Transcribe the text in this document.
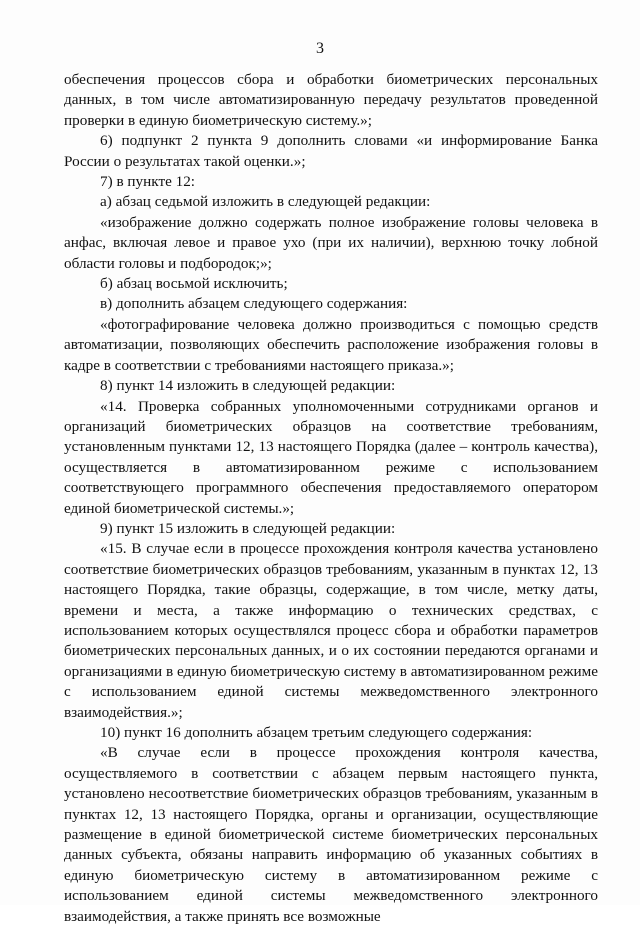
3

обеспечения процессов сбора и обработки биометрических персональных данных, в том числе автоматизированную передачу результатов проведенной проверки в единую биометрическую систему.»;

6) подпункт 2 пункта 9 дополнить словами «и информирование Банка России о результатах такой оценки.»;

7) в пункте 12:

а) абзац седьмой изложить в следующей редакции:

«изображение должно содержать полное изображение головы человека в анфас, включая левое и правое ухо (при их наличии), верхнюю точку лобной области головы и подбородок;»;

б) абзац восьмой исключить;

в) дополнить абзацем следующего содержания:

«фотографирование человека должно производиться с помощью средств автоматизации, позволяющих обеспечить расположение изображения головы в кадре в соответствии с требованиями настоящего приказа.»;

8) пункт 14 изложить в следующей редакции:

«14. Проверка собранных уполномоченными сотрудниками органов и организаций биометрических образцов на соответствие требованиям, установленным пунктами 12, 13 настоящего Порядка (далее – контроль качества), осуществляется в автоматизированном режиме с использованием соответствующего программного обеспечения предоставляемого оператором единой биометрической системы.»;

9) пункт 15 изложить в следующей редакции:

«15. В случае если в процессе прохождения контроля качества установлено соответствие биометрических образцов требованиям, указанным в пунктах 12, 13 настоящего Порядка, такие образцы, содержащие, в том числе, метку даты, времени и места, а также информацию о технических средствах, с использованием которых осуществлялся процесс сбора и обработки параметров биометрических персональных данных, и о их состоянии передаются органами и организациями в единую биометрическую систему в автоматизированном режиме с использованием единой системы межведомственного электронного взаимодействия.»;

10) пункт 16 дополнить абзацем третьим следующего содержания:

«В случае если в процессе прохождения контроля качества, осуществляемого в соответствии с абзацем первым настоящего пункта, установлено несоответствие биометрических образцов требованиям, указанным в пунктах 12, 13 настоящего Порядка, органы и организации, осуществляющие размещение в единой биометрической системе биометрических персональных данных субъекта, обязаны направить информацию об указанных событиях в единую биометрическую систему в автоматизированном режиме с использованием единой системы межведомственного электронного взаимодействия, а также принять все возможные
